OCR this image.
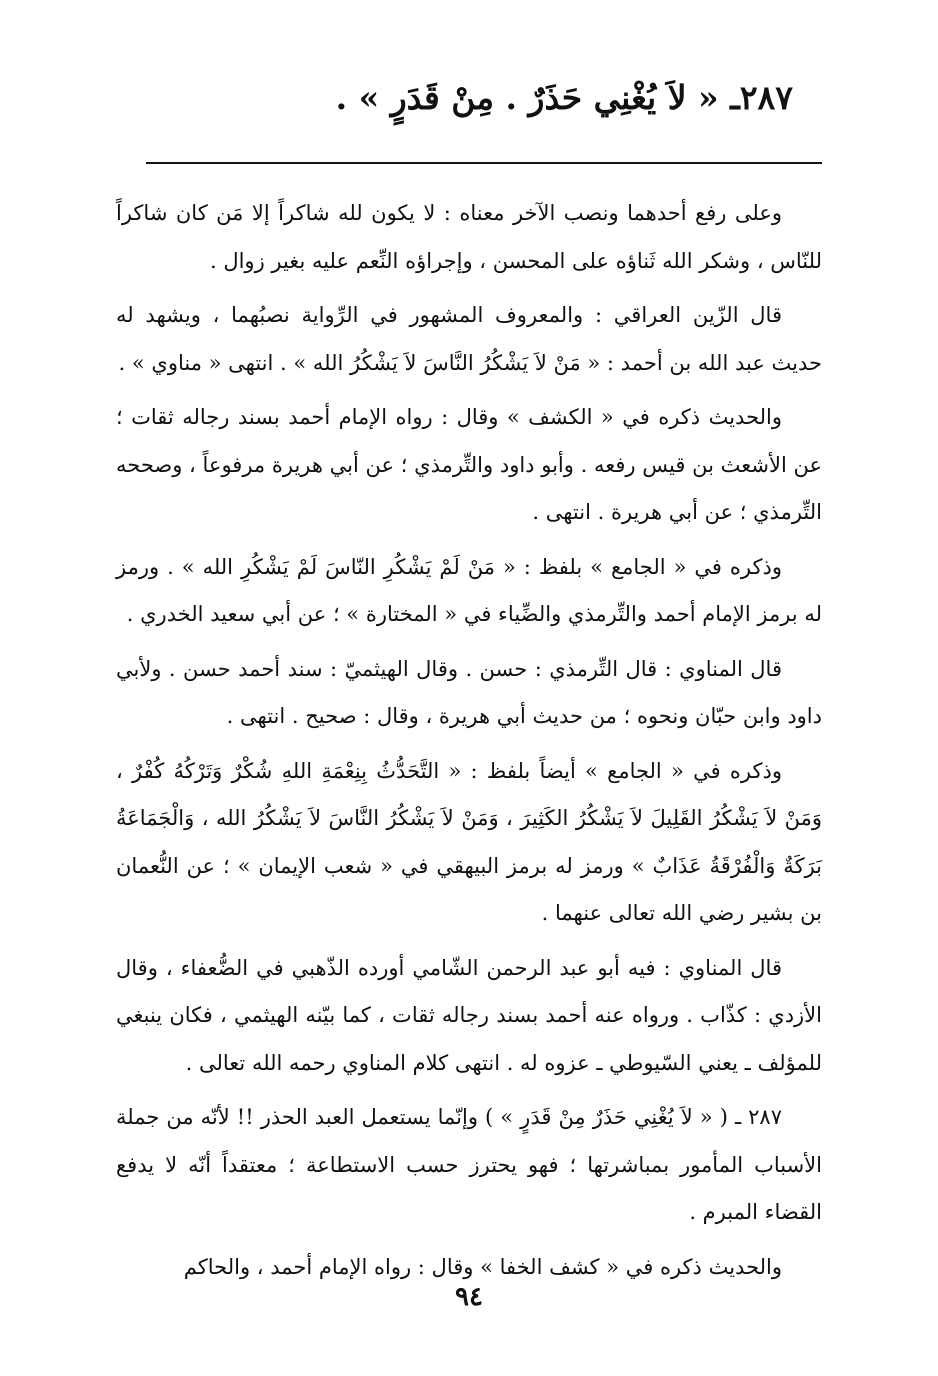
٢٨٧ـ « لاَ يُغْنِي حَذَرٌ . مِنْ قَدَرٍ » .

وعلى رفع أحدهما ونصب الآخر معناه : لا يكون لله شاكراً إلا مَن كان شاكراً للنّاس ، وشكر الله ثَناؤه على المحسن ، وإجراؤه النِّعم عليه بغير زوال .

قال الزّين العراقي : والمعروف المشهور في الرِّواية نصبُهما ، ويشهد له حديث عبد الله بن أحمد : « مَنْ لاَ يَشْكُرُ النَّاسَ لاَ يَشْكُرُ الله » . انتهى « مناوي » .

والحديث ذكره في « الكشف » وقال : رواه الإمام أحمد بسند رجاله ثقات ؛ عن الأشعث بن قيس رفعه . وأبو داود والتِّرمذي ؛ عن أبي هريرة مرفوعاً ، وصححه التِّرمذي ؛ عن أبي هريرة . انتهى .

وذكره في « الجامع » بلفظ : « مَنْ لَمْ يَشْكُرِ النّاسَ لَمْ يَشْكُرِ الله » . ورمز له برمز الإمام أحمد والتِّرمذي والضِّياء في « المختارة » ؛ عن أبي سعيد الخدري .

قال المناوي : قال التِّرمذي : حسن . وقال الهيثميّ : سند أحمد حسن . ولأبي داود وابن حبّان ونحوه ؛ من حديث أبي هريرة ، وقال : صحيح . انتهى .

وذكره في « الجامع » أيضاً بلفظ : « التَّحَدُّثُ بِنِعْمَةِ اللهِ شُكْرٌ وَتَرْكُهُ كُفْرٌ ، وَمَنْ لاَ يَشْكُرُ القَلِيلَ لاَ يَشْكُرُ الكَثِيرَ ، وَمَنْ لاَ يَشْكُرُ النَّاسَ لاَ يَشْكُرُ الله ، وَالْجَمَاعَةُ بَرَكَةٌ وَالْفُرْقَةُ عَذَابٌ » ورمز له برمز البيهقي في « شعب الإيمان » ؛ عن النُّعمان بن بشير رضي الله تعالى عنهما .

قال المناوي : فيه أبو عبد الرحمن الشّامي أورده الذّهبي في الضُّعفاء ، وقال الأزدي : كذّاب . ورواه عنه أحمد بسند رجاله ثقات ، كما بيّنه الهيثمي ، فكان ينبغي للمؤلف ـ يعني السّيوطي ـ عزوه له . انتهى كلام المناوي رحمه الله تعالى .

٢٨٧ ـ ( « لاَ يُغْنِي حَذَرٌ مِنْ قَدَرٍ » ) وإنّما يستعمل العبد الحذر !! لأنّه من جملة الأسباب المأمور بمباشرتها ؛ فهو يحترز حسب الاستطاعة ؛ معتقداً أنّه لا يدفع القضاء المبرم .

والحديث ذكره في « كشف الخفا » وقال : رواه الإمام أحمد ، والحاكم

٩٤
